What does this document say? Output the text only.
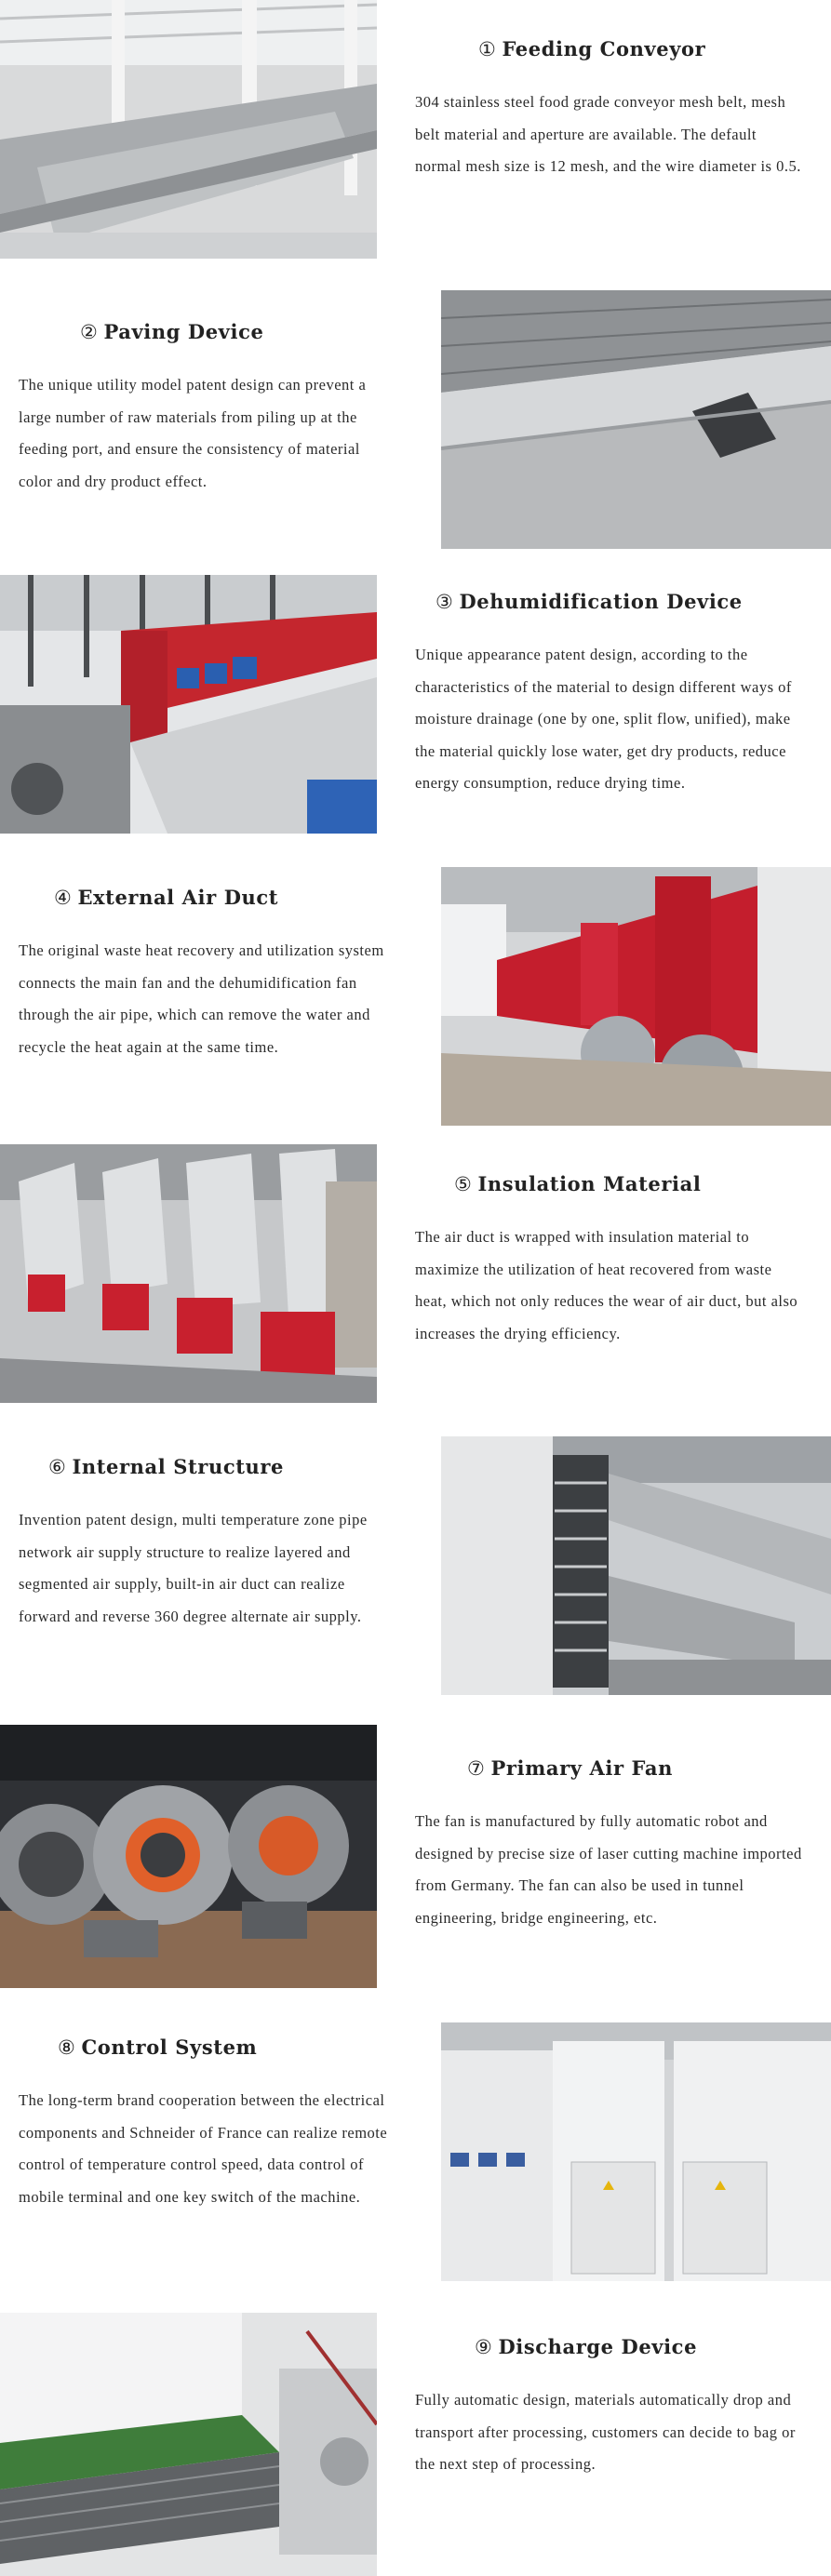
① Feeding Conveyor
304 stainless steel food grade conveyor mesh belt, mesh belt material and aperture are available. The default normal mesh size is 12 mesh, and the wire diameter is 0.5.
② Paving Device
The unique utility model patent design can prevent a large number of raw materials from piling up at the feeding port, and ensure the consistency of material color and dry product effect.
③ Dehumidification Device
Unique appearance patent design, according to the characteristics of the material to design different ways of moisture drainage (one by one, split flow, unified), make the material quickly lose water, get dry products, reduce energy consumption, reduce drying time.
④ External Air Duct
The original waste heat recovery and utilization system connects the main fan and the dehumidification fan through the air pipe, which can remove the water and recycle the heat again at the same time.
⑤ Insulation Material
The air duct is wrapped with insulation material to maximize the utilization of heat recovered from waste heat, which not only reduces the wear of air duct, but also increases the drying efficiency.
⑥ Internal Structure
Invention patent design, multi temperature zone pipe network air supply structure to realize layered and segmented air supply, built-in air duct can realize forward and reverse 360 degree alternate air supply.
⑦ Primary Air Fan
The fan is manufactured by fully automatic robot and designed by precise size of laser cutting machine imported from Germany. The fan can also be used in tunnel engineering, bridge engineering, etc.
⑧ Control System
The long-term brand cooperation between the electrical components and Schneider of France can realize remote control of temperature control speed, data control of mobile terminal and one key switch of the machine.
⑨ Discharge Device
Fully automatic design, materials automatically drop and transport after processing, customers can decide to bag or the next step of processing.
